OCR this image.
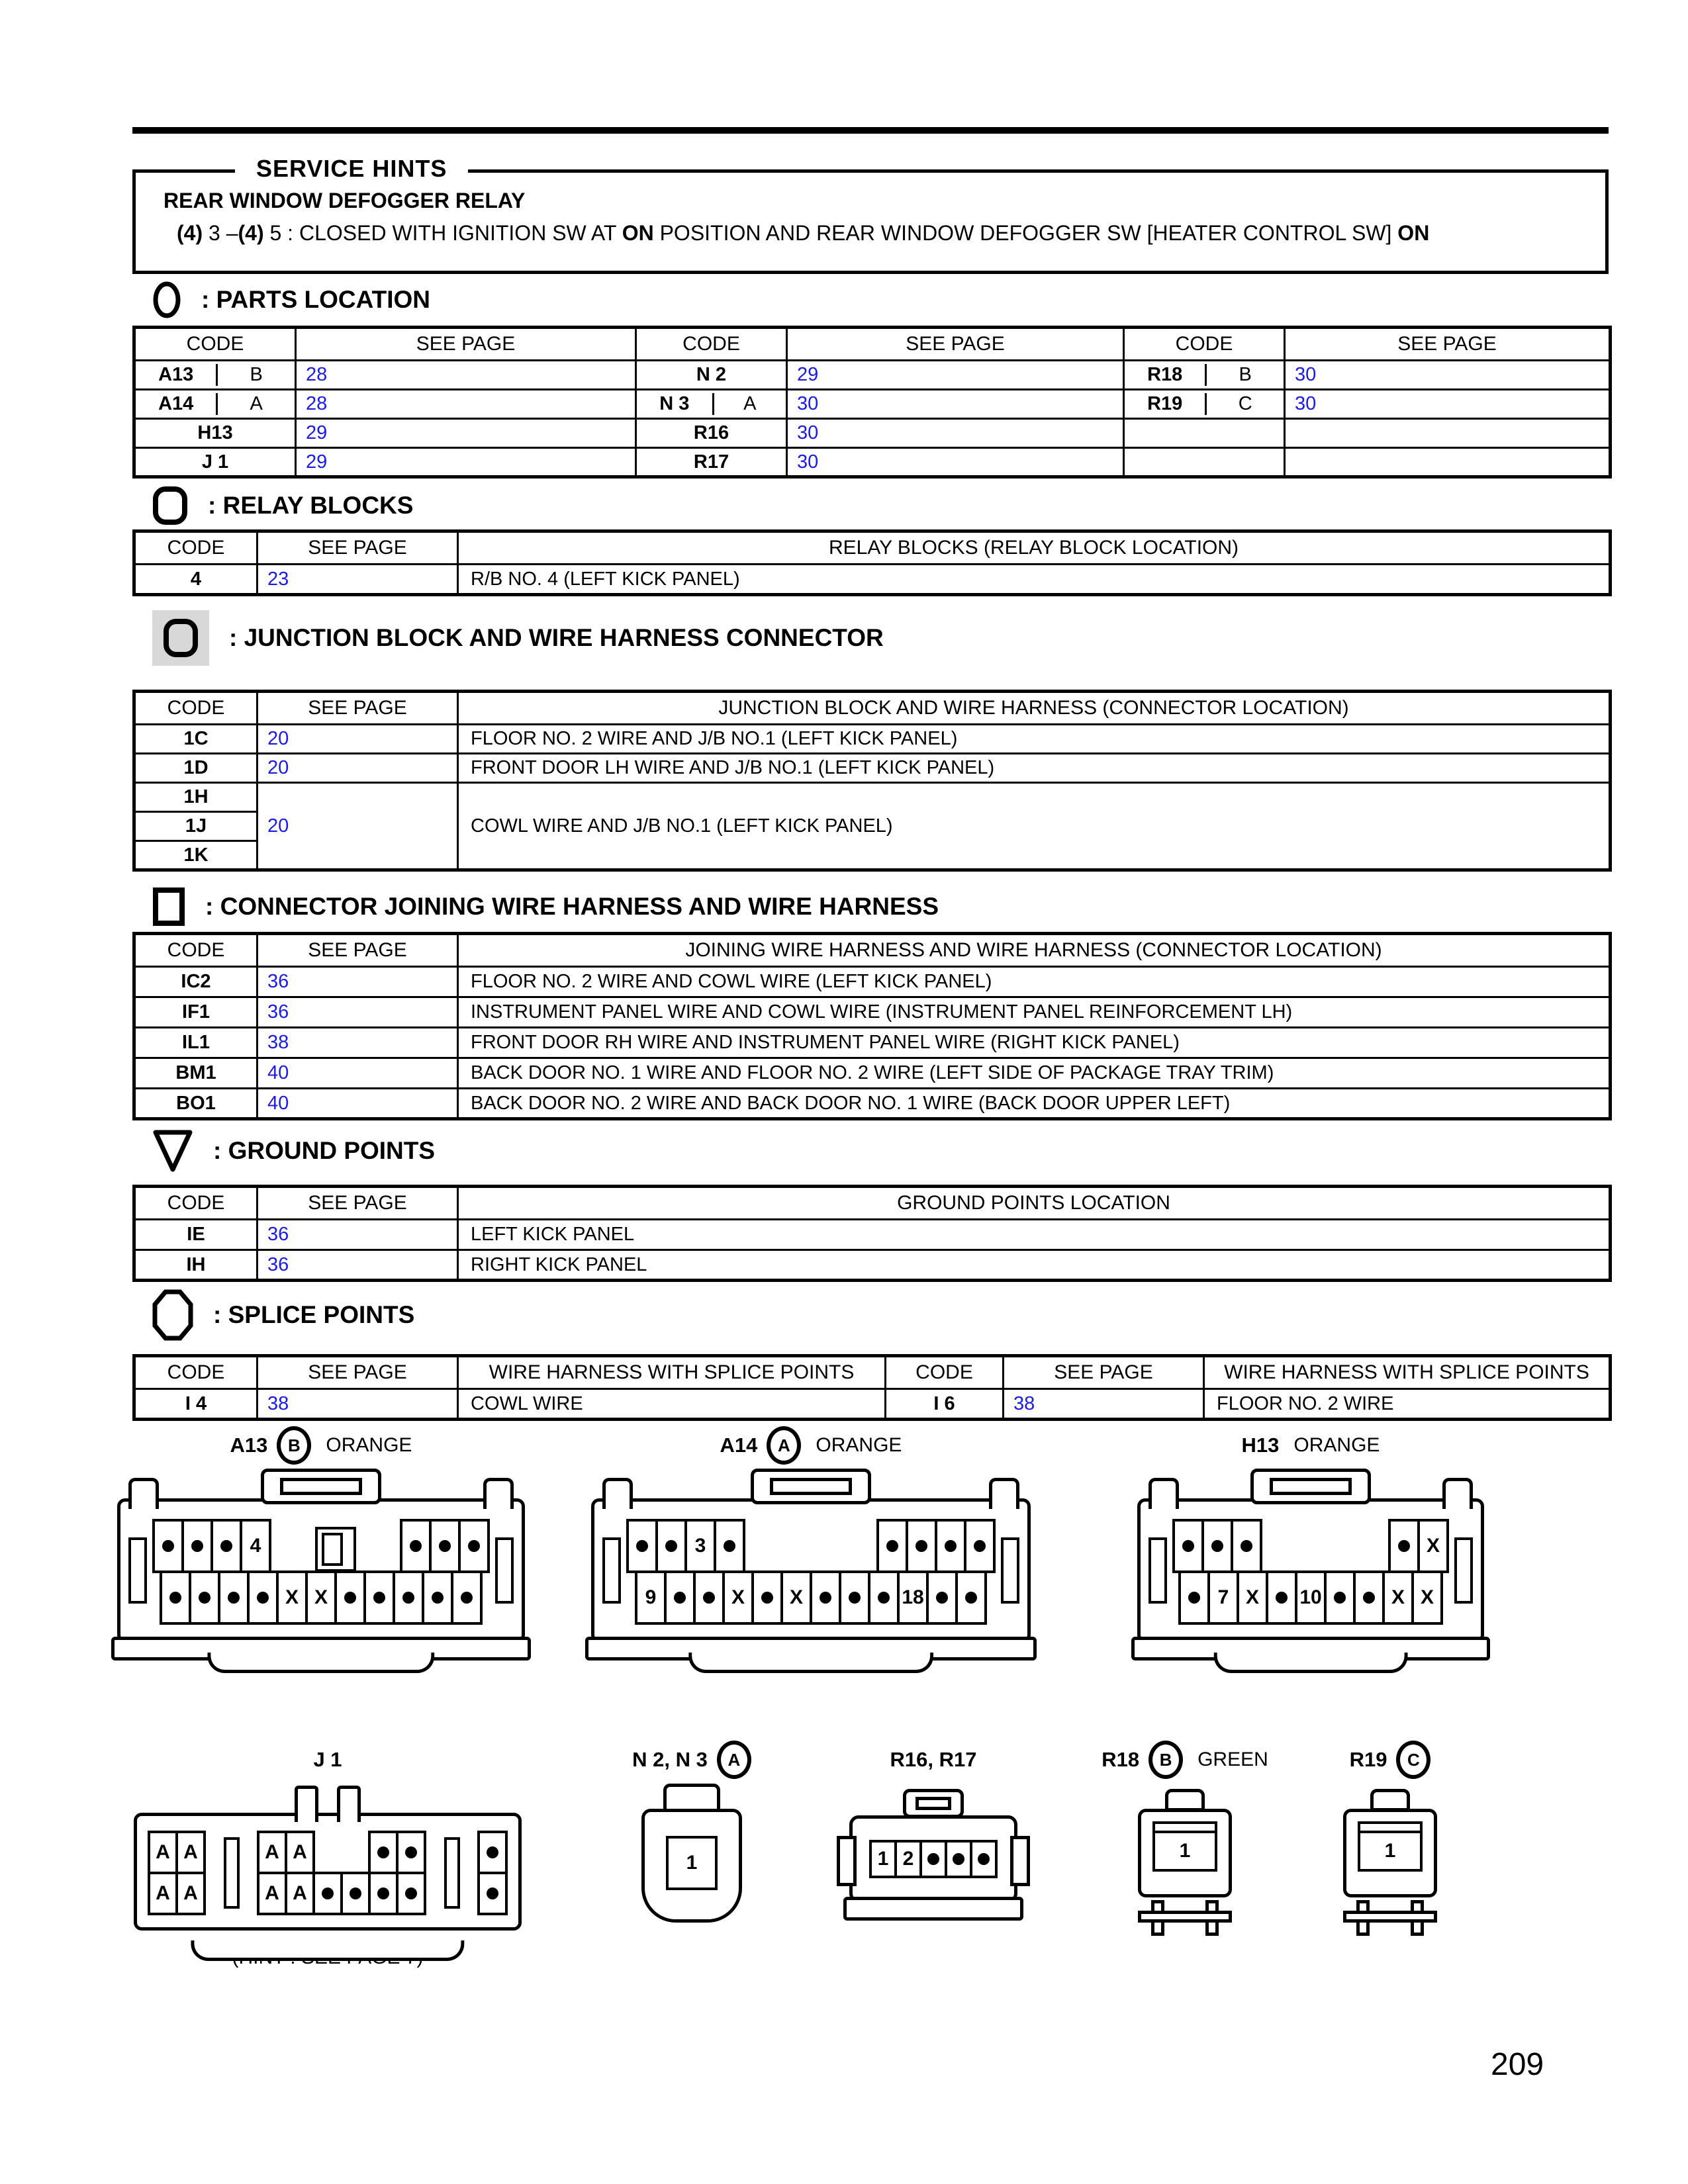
SERVICE HINTS
REAR WINDOW DEFOGGER RELAY
(4) 3 –(4) 5 : CLOSED WITH IGNITION SW AT ON POSITION AND REAR WINDOW DEFOGGER SW [HEATER CONTROL SW] ON
: PARTS LOCATION
CODE	SEE PAGE	CODE	SEE PAGE	CODE	SEE PAGE

A13 B	28	N 2	29	R18 B	30

A14 A	28	N 3 A	30	R19 C	30
H13	29	R16	30		
J 1	29	R17	30		
: RELAY BLOCKS
CODE	SEE PAGE	RELAY BLOCKS (RELAY BLOCK LOCATION)
4	23	R/B NO. 4 (LEFT KICK PANEL)
: JUNCTION BLOCK AND WIRE HARNESS CONNECTOR
CODE	SEE PAGE	JUNCTION BLOCK AND WIRE HARNESS (CONNECTOR LOCATION)
1C	20	FLOOR NO. 2 WIRE AND J/B NO.1 (LEFT KICK PANEL)
1D	20	FRONT DOOR LH WIRE AND J/B NO.1 (LEFT KICK PANEL)
1H	20	COWL WIRE AND J/B NO.1 (LEFT KICK PANEL)
1J		
1K		
: CONNECTOR JOINING WIRE HARNESS AND WIRE HARNESS
CODE	SEE PAGE	JOINING WIRE HARNESS AND WIRE HARNESS (CONNECTOR LOCATION)
IC2	36	FLOOR NO. 2 WIRE AND COWL WIRE (LEFT KICK PANEL)
IF1	36	INSTRUMENT PANEL WIRE AND COWL WIRE (INSTRUMENT PANEL REINFORCEMENT LH)
IL1	38	FRONT DOOR RH WIRE AND INSTRUMENT PANEL WIRE (RIGHT KICK PANEL)
BM1	40	BACK DOOR NO. 1 WIRE AND FLOOR NO. 2 WIRE (LEFT SIDE OF PACKAGE TRAY TRIM)
BO1	40	BACK DOOR NO. 2 WIRE AND BACK DOOR NO. 1 WIRE (BACK DOOR UPPER LEFT)
: GROUND POINTS
CODE	SEE PAGE	GROUND POINTS LOCATION
IE	36	LEFT KICK PANEL
IH	36	RIGHT KICK PANEL
: SPLICE POINTS
CODE	SEE PAGE	WIRE HARNESS WITH SPLICE POINTS	CODE	SEE PAGE	WIRE HARNESS WITH SPLICE POINTS
I 4	38	COWL WIRE	I 6	38	FLOOR NO. 2 WIRE
A13	B	ORANGE
4
X X
A14	A	ORANGE
3
9	X	X	18
H13 ORANGE
X
7 X	10	X X
J 1
A A
A A
A A
A A
N 2, N 3	A
1
R16, R17
1 2
R18	B	GREEN
1
R19	C
1
209
